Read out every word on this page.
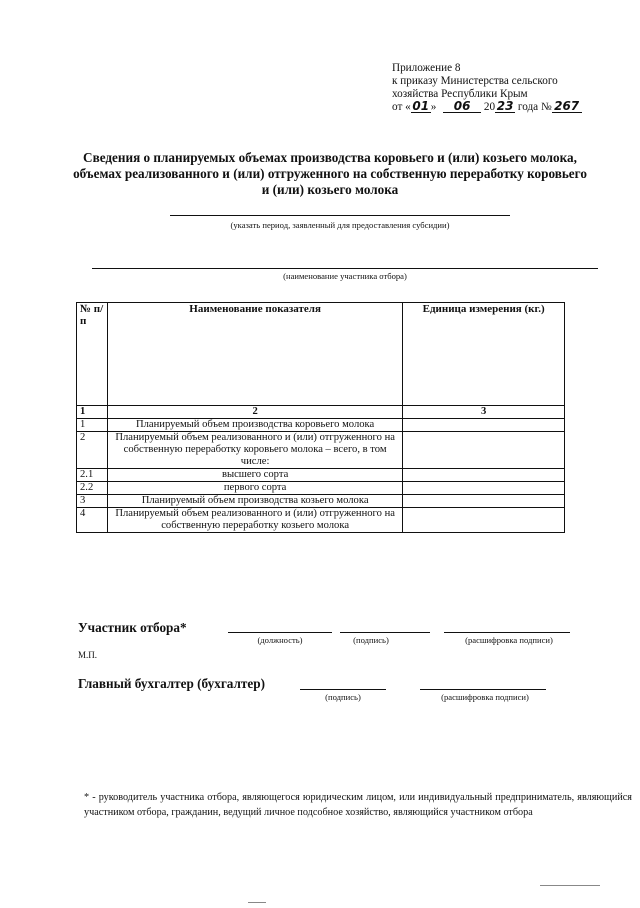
Приложение 8
к приказу Министерства сельского
хозяйства Республики Крым
от « 01 » 06 20 23 года № 267
Сведения о планируемых объемах производства коровьего и (или) козьего молока, объемах реализованного и (или) отгруженного на собственную переработку коровьего и (или) козьего молока
(указать период, заявленный для предоставления субсидии)
(наименование участника отбора)
№ п/п	Наименование показателя	Единица измерения (кг.)
1	2	3
1	Планируемый объем производства коровьего молока	
2	Планируемый объем реализованного и (или) отгруженного на собственную переработку коровьего молока – всего, в том числе:	
2.1	высшего сорта	
2.2	первого сорта	
3	Планируемый объем производства козьего молока	
4	Планируемый объем реализованного и (или) отгруженного на собственную переработку козьего молока	
Участник отбора*
(должность)	(подпись)	(расшифровка подписи)
М.П.
Главный бухгалтер (бухгалтер)
(подпись)	(расшифровка подписи)
* - руководитель участника отбора, являющегося юридическим лицом, или индивидуальный предприниматель, являющийся участником отбора, гражданин, ведущий личное подсобное хозяйство, являющийся участником отбора
